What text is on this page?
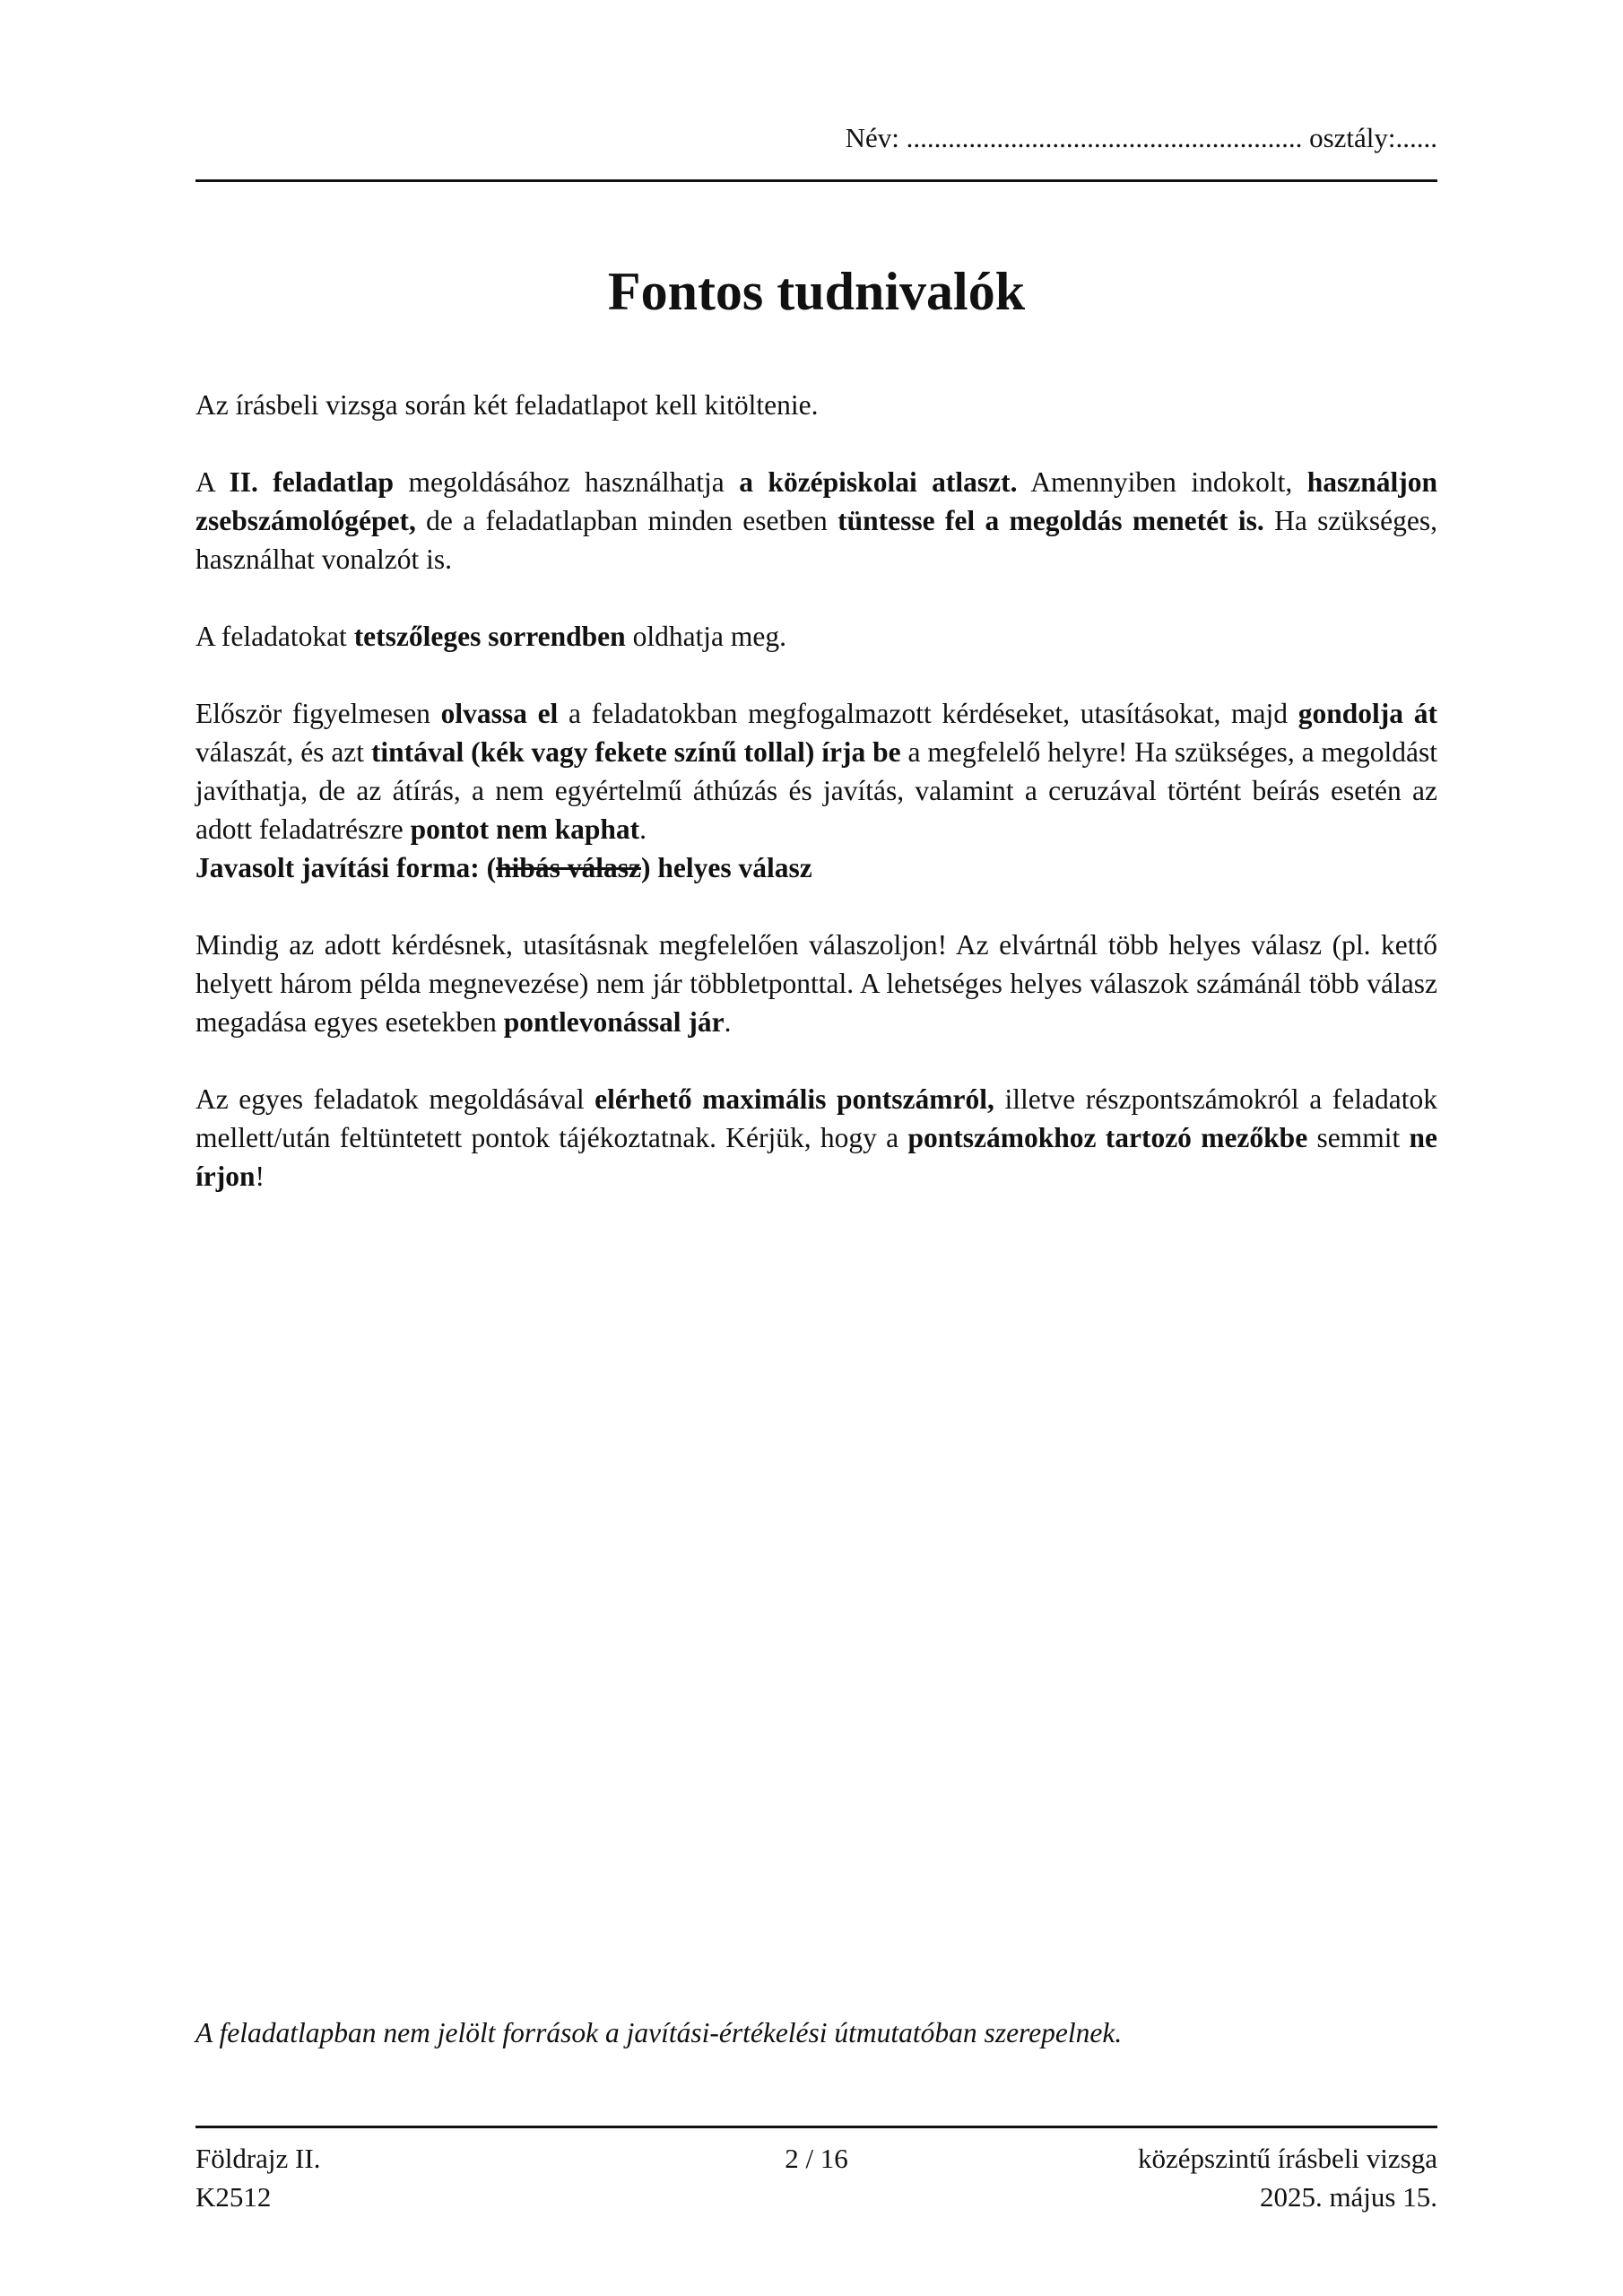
Név: ......................................................... osztály:......
Fontos tudnivalók

Az írásbeli vizsga során két feladatlapot kell kitöltenie.

A II. feladatlap megoldásához használhatja a középiskolai atlaszt. Amennyiben indokolt, használjon zsebszámológépet, de a feladatlapban minden esetben tüntesse fel a megoldás menetét is. Ha szükséges, használhat vonalzót is.

A feladatokat tetszőleges sorrendben oldhatja meg.

Először figyelmesen olvassa el a feladatokban megfogalmazott kérdéseket, utasításokat, majd gondolja át válaszát, és azt tintával (kék vagy fekete színű tollal) írja be a megfelelő helyre! Ha szükséges, a megoldást javíthatja, de az átírás, a nem egyértelmű áthúzás és javítás, valamint a ceruzával történt beírás esetén az adott feladatrészre pontot nem kaphat.

Javasolt javítási forma: (hibás válasz) helyes válasz

Mindig az adott kérdésnek, utasításnak megfelelően válaszoljon! Az elvártnál több helyes válasz (pl. kettő helyett három példa megnevezése) nem jár többletponttal. A lehetséges helyes válaszok számánál több válasz megadása egyes esetekben pontlevonással jár.

Az egyes feladatok megoldásával elérhető maximális pontszámról, illetve részpontszámokról a feladatok mellett/után feltüntetett pontok tájékoztatnak. Kérjük, hogy a pontszámokhoz tartozó mezőkbe semmit ne írjon!

A feladatlapban nem jelölt források a javítási-értékelési útmutatóban szerepelnek.
Földrajz II.	2 / 16	középszintű írásbeli vizsga
K2512	2025. május 15.
